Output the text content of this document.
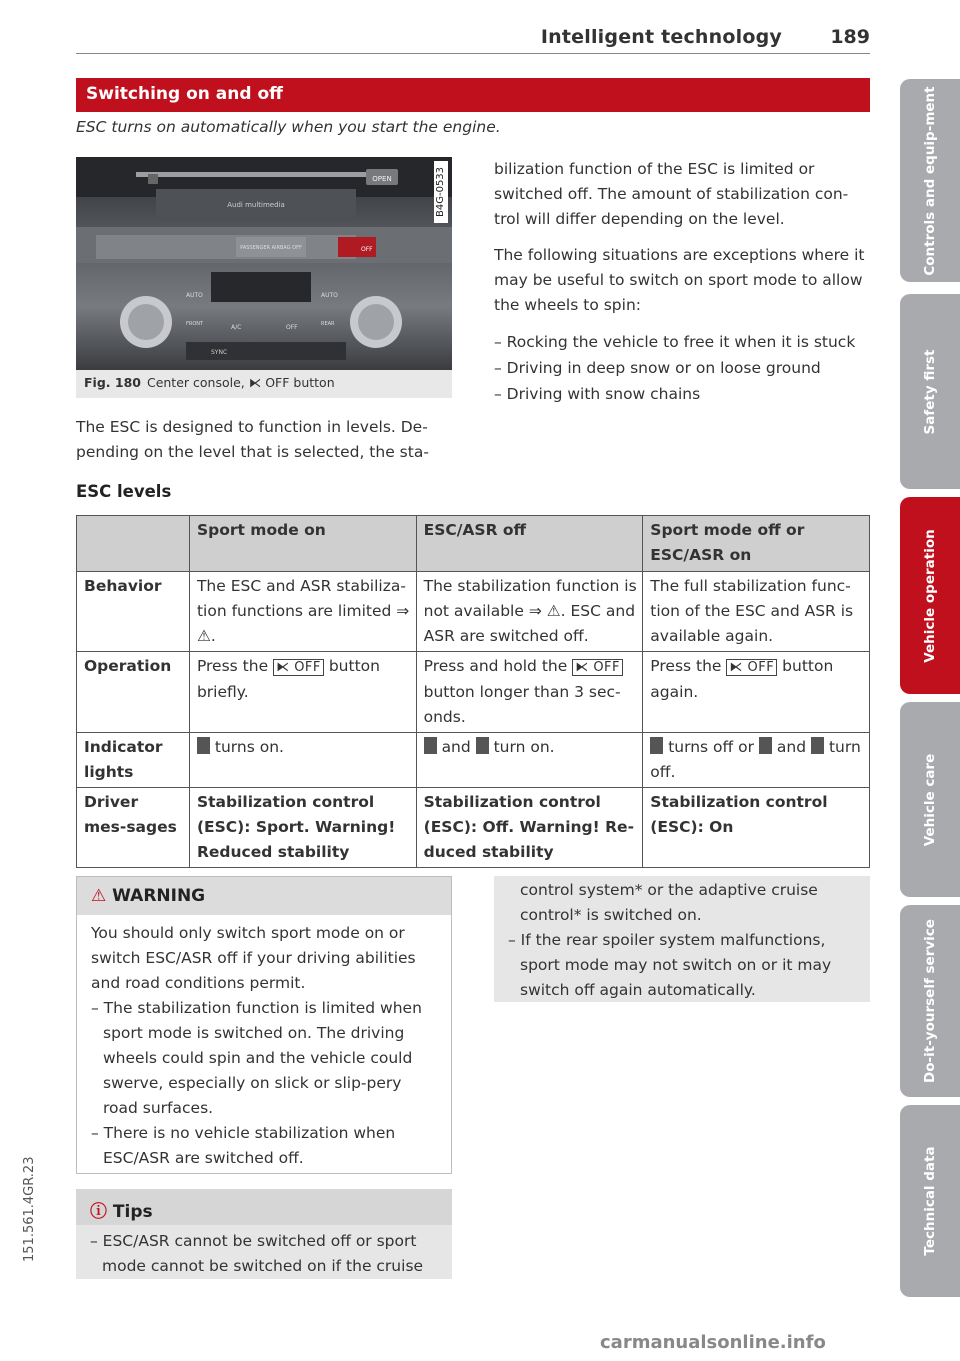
Intelligent technology	189
Switching on and off
ESC turns on automatically when you start the engine.
OPEN
Audi multimedia
PASSENGER AIRBAG OFF	OFF
AUTO	AUTO
A/C	OFF
FRONT	REAR
SYNC
B4G-0533
Fig. 180 Center console, ⧔ OFF button
The ESC is designed to function in levels. De-pending on the level that is selected, the sta-
bilization function of the ESC is limited or switched off. The amount of stabilization con-trol will differ depending on the level.
The following situations are exceptions where it may be useful to switch on sport mode to allow the wheels to spin:
– Rocking the vehicle to free it when it is stuck
– Driving in deep snow or on loose ground
– Driving with snow chains
ESC levels
	Sport mode on	ESC/ASR off	Sport mode off or ESC/ASR on
Behavior	The ESC and ASR stabiliza-tion functions are limited ⇒ ⚠.	The stabilization function is not available ⇒ ⚠. ESC and ASR are switched off.	The full stabilization func-tion of the ESC and ASR is available again.
Operation	Press the ⧔ OFF button briefly.	Press and hold the ⧔ OFF button longer than 3 sec-onds.	Press the ⧔ OFF button again.
Indicator lights	turns on.	and turn on.	turns off or and turn off.
Driver mes-sages	Stabilization control (ESC): Sport. Warning! Reduced stability	Stabilization control (ESC): Off. Warning! Re-duced stability	Stabilization control (ESC): On
⚠ WARNING

You should only switch sport mode on or switch ESC/ASR off if your driving abilities and road conditions permit.

– The stabilization function is limited when sport mode is switched on. The driving wheels could spin and the vehicle could swerve, especially on slick or slip-pery road surfaces.
– There is no vehicle stabilization when ESC/ASR are switched off.
ⓘ Tips
– ESC/ASR cannot be switched off or sport mode cannot be switched on if the cruise
control system* or the adaptive cruise control* is switched on.
– If the rear spoiler system malfunctions, sport mode may not switch on or it may switch off again automatically.
Controls and equip-ment
Safety first
Vehicle operation
Vehicle care
Do-it-yourself service
Technical data
151.561.4GR.23
carmanualsonline.info
